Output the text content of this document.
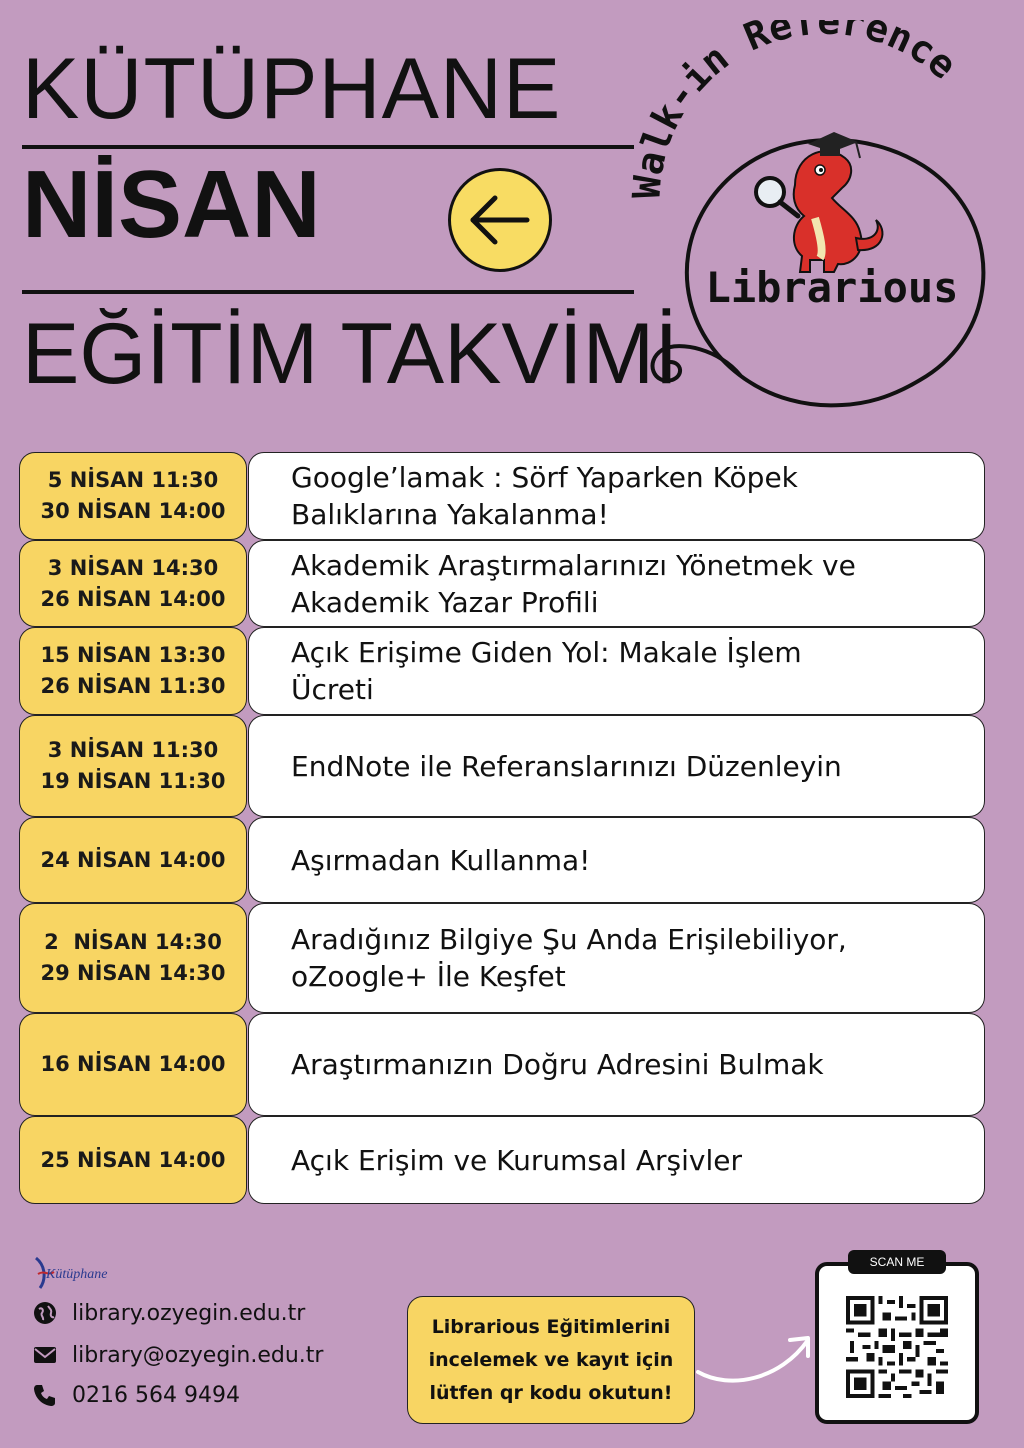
KÜTÜPHANE
NİSAN
EĞİTİM TAKVİMİ
Walk-in Reference
Librarious
5 NİSAN 11:30
30 NİSAN 14:00
Google’lamak : Sörf Yaparken Köpek
Balıklarına Yakalanma!
3 NİSAN 14:30
26 NİSAN 14:00
Akademik Araştırmalarınızı Yönetmek ve
Akademik Yazar Profili
15 NİSAN 13:30
26 NİSAN 11:30
Açık Erişime Giden Yol: Makale İşlem
Ücreti
3 NİSAN 11:30
19 NİSAN 11:30 EndNote ile Referanslarınızı Düzenleyin
24 NİSAN 14:00 Aşırmadan Kullanma!
2  NİSAN 14:30
29 NİSAN 14:30
Aradığınız Bilgiye Şu Anda Erişilebiliyor,
oZoogle+ İle Keşfet
16 NİSAN 14:00 Araştırmanızın Doğru Adresini Bulmak
25 NİSAN 14:00 Açık Erişim ve Kurumsal Arşivler
Kütüphane
library.ozyegin.edu.tr
library@ozyegin.edu.tr
0216 564 9494
Librarious Eğitimlerini
incelemek ve kayıt için
lütfen qr kodu okutun!
SCAN ME
